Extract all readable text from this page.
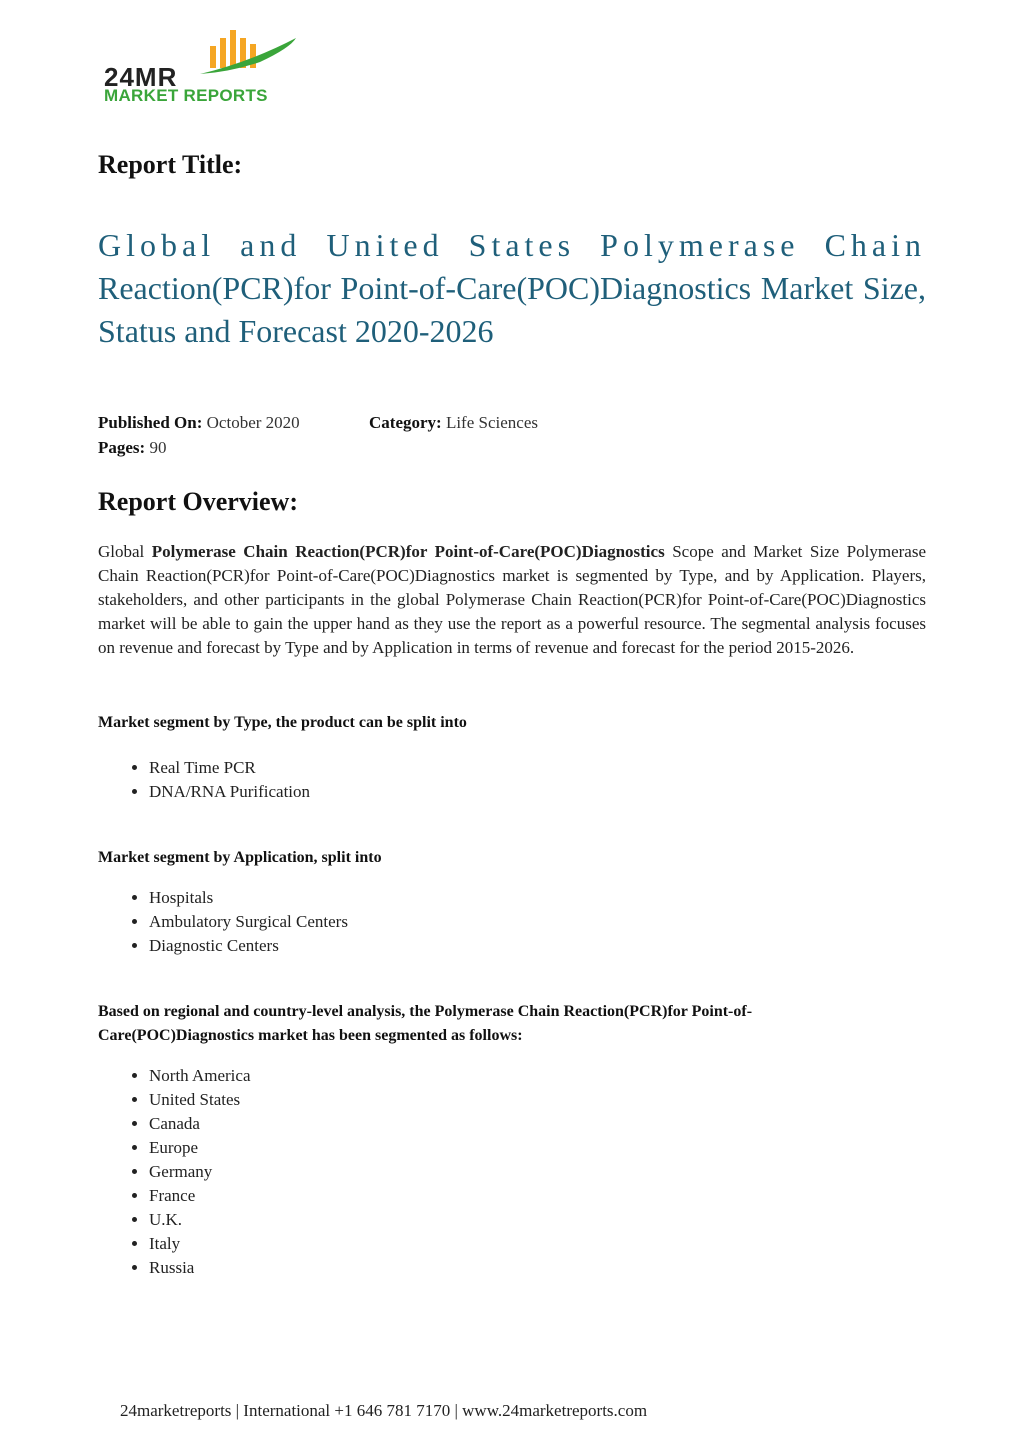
24MR
MARKET REPORTS
Report Title:
Global and United States Polymerase Chain
Reaction(PCR)for Point-of-Care(POC)Diagnostics Market Size, Status and Forecast 2020-2026
Published On: October 2020	Category: Life Sciences
Pages: 90
Report Overview:
Global Polymerase Chain Reaction(PCR)for Point-of-Care(POC)Diagnostics Scope and Market Size Polymerase Chain Reaction(PCR)for Point-of-Care(POC)Diagnostics market is segmented by Type, and by Application. Players, stakeholders, and other participants in the global Polymerase Chain Reaction(PCR)for Point-of-Care(POC)Diagnostics market will be able to gain the upper hand as they use the report as a powerful resource. The segmental analysis focuses on revenue and forecast by Type and by Application in terms of revenue and forecast for the period 2015-2026.
Market segment by Type, the product can be split into
• Real Time PCR
• DNA/RNA Purification
Market segment by Application, split into
• Hospitals
• Ambulatory Surgical Centers
• Diagnostic Centers
Based on regional and country-level analysis, the Polymerase Chain Reaction(PCR)for Point-of-Care(POC)Diagnostics market has been segmented as follows:
• North America
• United States
• Canada
• Europe
• Germany
• France
• U.K.
• Italy
• Russia
24marketreports | International +1 646 781 7170 | www.24marketreports.com
